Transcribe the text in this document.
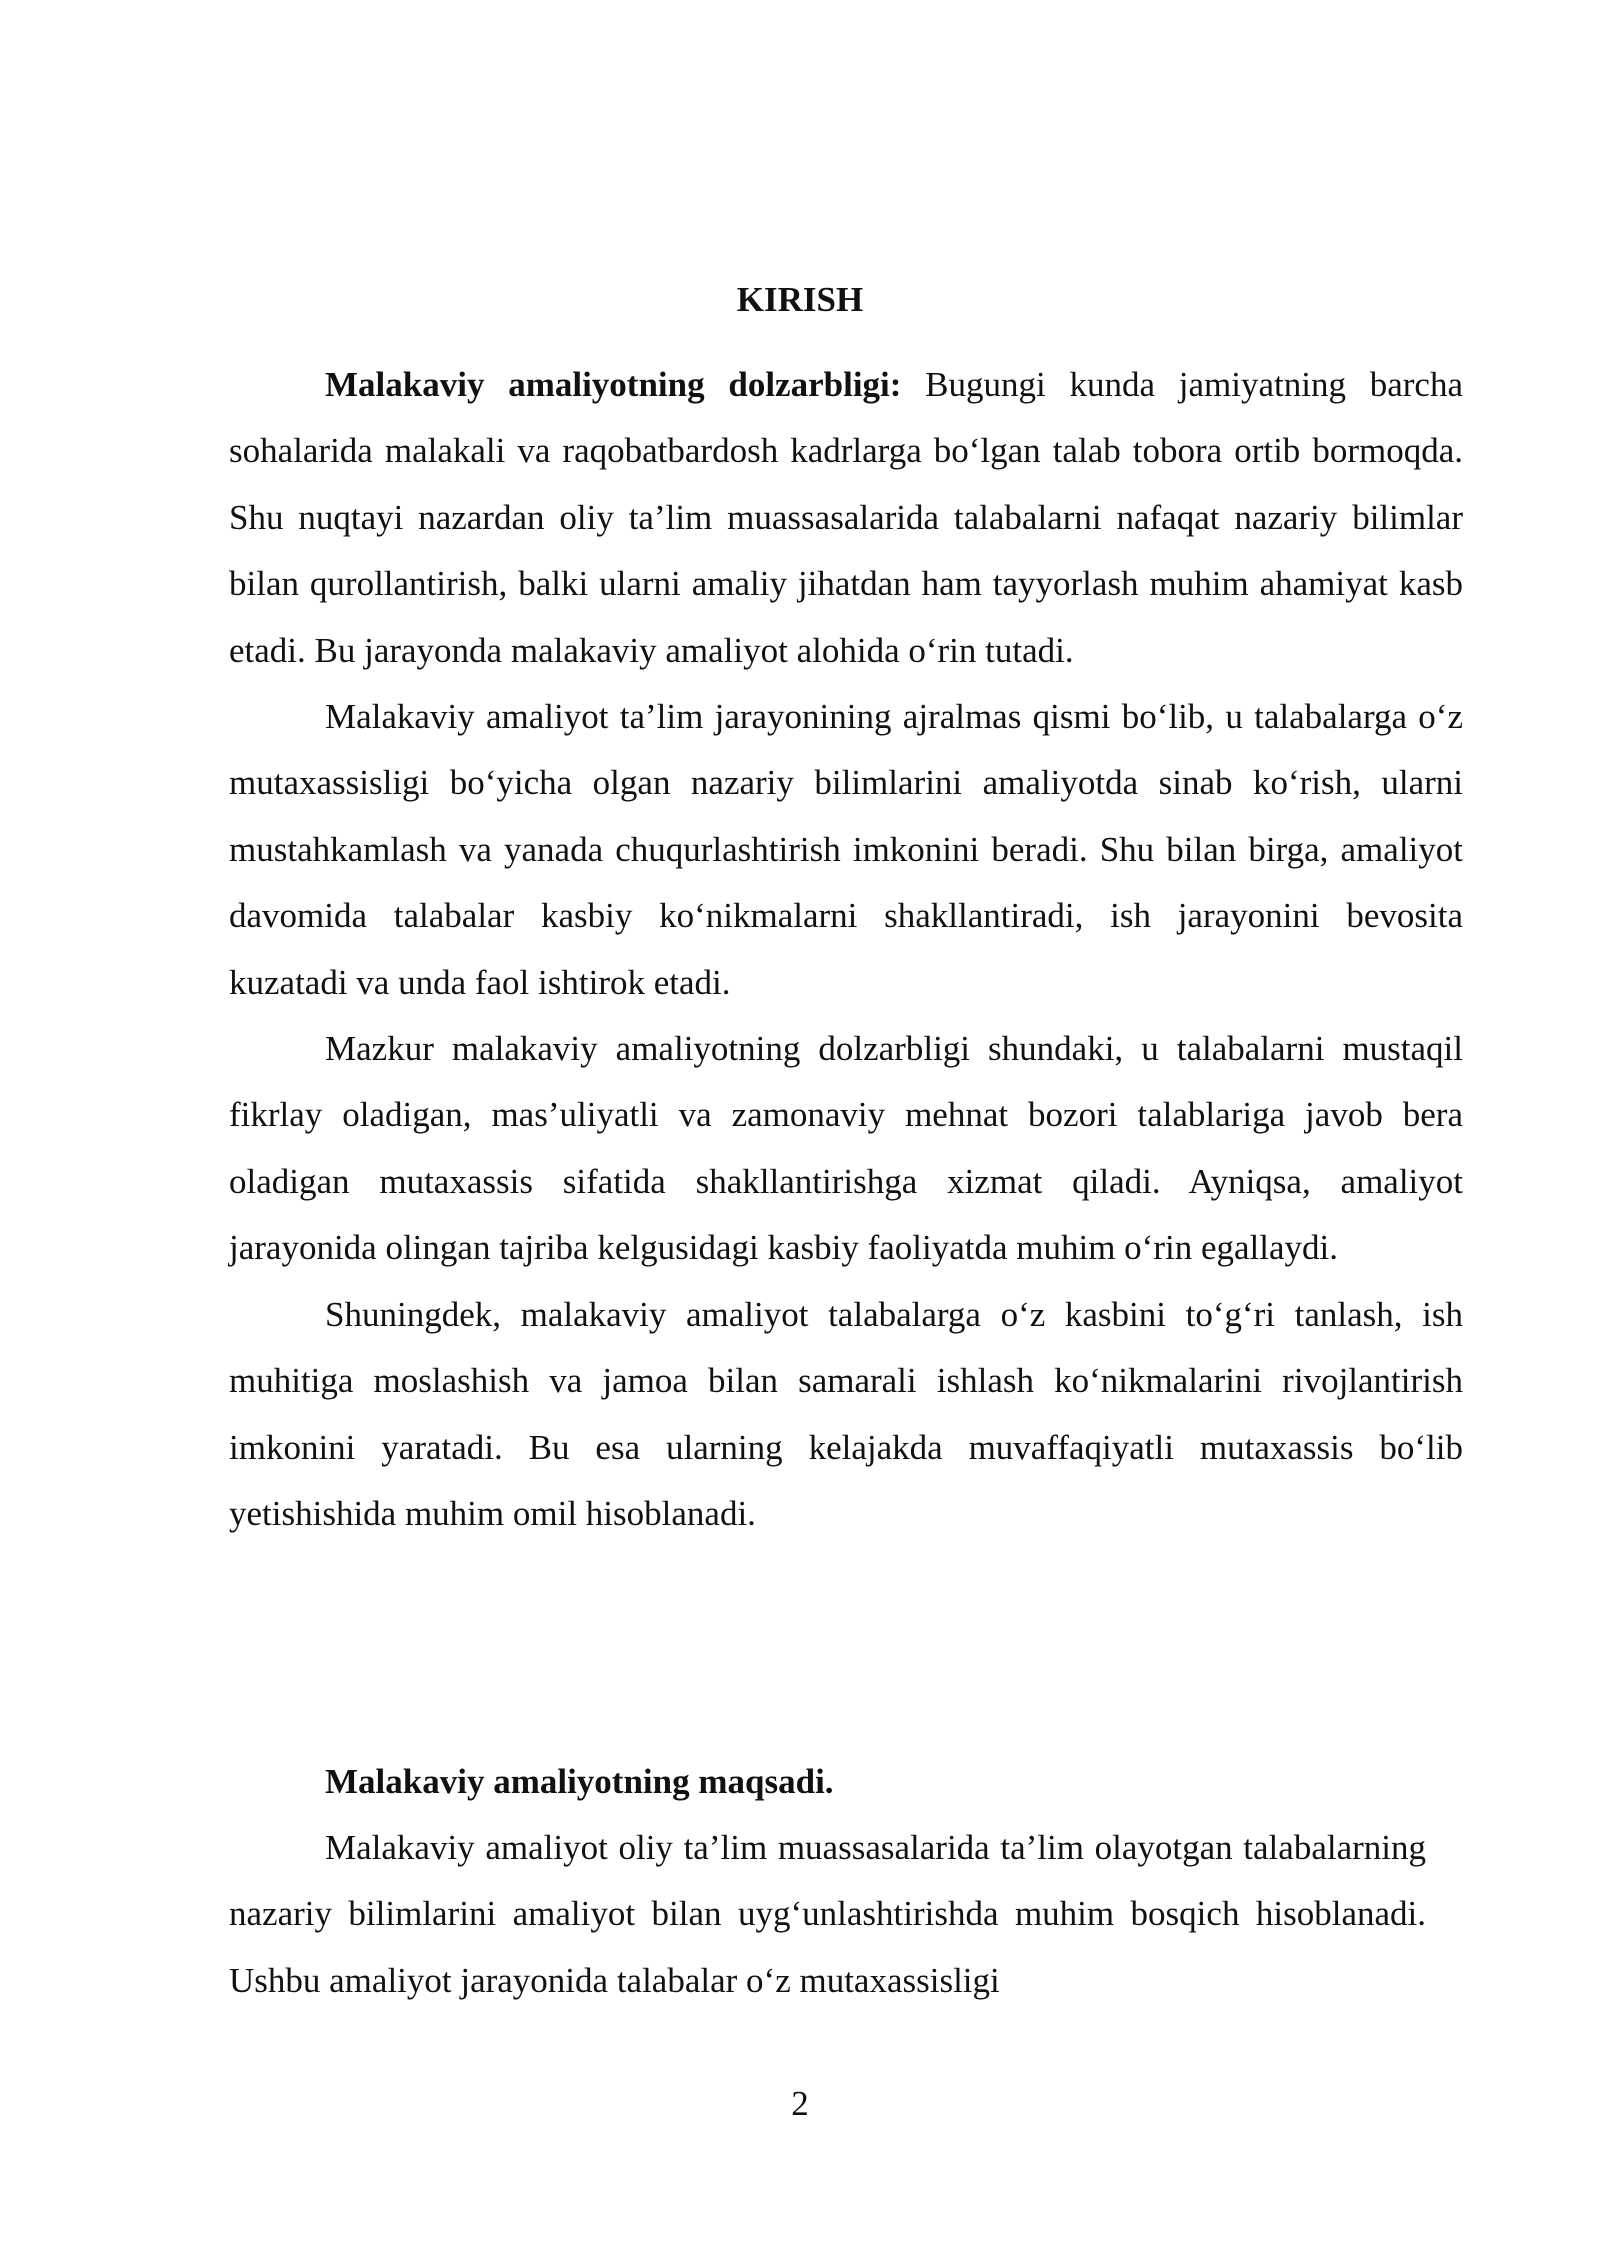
KIRISH

Malakaviy amaliyotning dolzarbligi: Bugungi kunda jamiyatning barcha sohalarida malakali va raqobatbardosh kadrlarga bo‘lgan talab tobora ortib bormoqda. Shu nuqtayi nazardan oliy ta’lim muassasalarida talabalarni nafaqat nazariy bilimlar bilan qurollantirish, balki ularni amaliy jihatdan ham tayyorlash muhim ahamiyat kasb etadi. Bu jarayonda malakaviy amaliyot alohida o‘rin tutadi.

Malakaviy amaliyot ta’lim jarayonining ajralmas qismi bo‘lib, u talabalarga o‘z mutaxassisligi bo‘yicha olgan nazariy bilimlarini amaliyotda sinab ko‘rish, ularni mustahkamlash va yanada chuqurlashtirish imkonini beradi. Shu bilan birga, amaliyot davomida talabalar kasbiy ko‘nikmalarni shakllantiradi, ish jarayonini bevosita kuzatadi va unda faol ishtirok etadi.

Mazkur malakaviy amaliyotning dolzarbligi shundaki, u talabalarni mustaqil fikrlay oladigan, mas’uliyatli va zamonaviy mehnat bozori talablariga javob bera oladigan mutaxassis sifatida shakllantirishga xizmat qiladi. Ayniqsa, amaliyot jarayonida olingan tajriba kelgusidagi kasbiy faoliyatda muhim o‘rin egallaydi.

Shuningdek, malakaviy amaliyot talabalarga o‘z kasbini to‘g‘ri tanlash, ish muhitiga moslashish va jamoa bilan samarali ishlash ko‘nikmalarini rivojlantirish imkonini yaratadi. Bu esa ularning kelajakda muvaffaqiyatli mutaxassis bo‘lib yetishishida muhim omil hisoblanadi.

Malakaviy amaliyotning maqsadi.

Malakaviy amaliyot oliy ta’lim muassasalarida ta’lim olayotgan talabalarning nazariy bilimlarini amaliyot bilan uyg‘unlashtirishda muhim bosqich hisoblanadi. Ushbu amaliyot jarayonida talabalar o‘z mutaxassisligi

2
